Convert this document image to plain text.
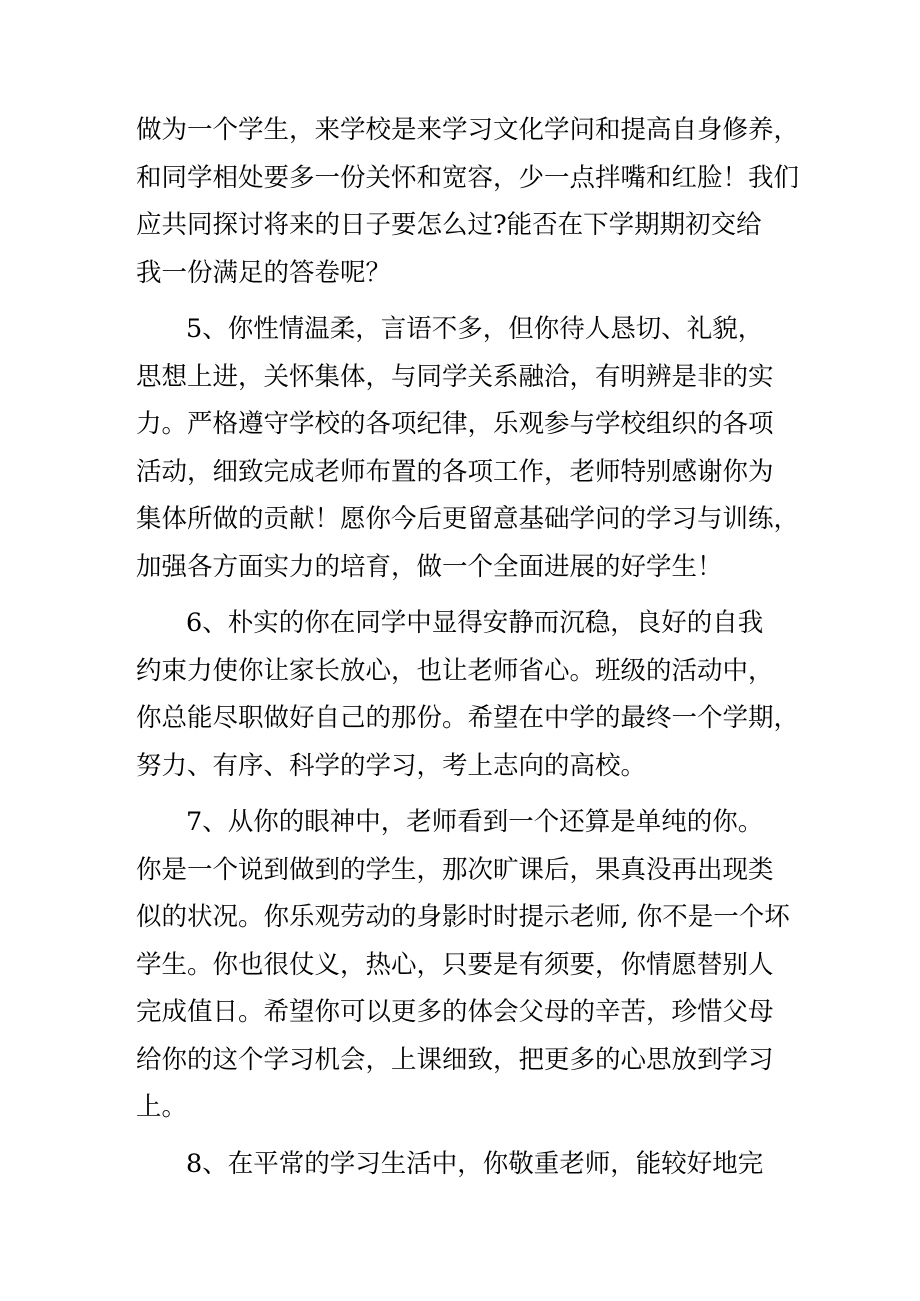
做为一个学生，来学校是来学习文化学问和提高自身修养，
和同学相处要多一份关怀和宽容，少一点拌嘴和红脸！我们
应共同探讨将来的日子要怎么过?能否在下学期期初交给
我一份满足的答卷呢？
5、你性情温柔，言语不多，但你待人恳切、礼貌，
思想上进，关怀集体，与同学关系融洽，有明辨是非的实
力。严格遵守学校的各项纪律，乐观参与学校组织的各项
活动，细致完成老师布置的各项工作，老师特别感谢你为
集体所做的贡献！愿你今后更留意基础学问的学习与训练，
加强各方面实力的培育，做一个全面进展的好学生！
6、朴实的你在同学中显得安静而沉稳，良好的自我
约束力使你让家长放心，也让老师省心。班级的活动中，
你总能尽职做好自己的那份。希望在中学的最终一个学期，
努力、有序、科学的学习，考上志向的高校。
7、从你的眼神中，老师看到一个还算是单纯的你。
你是一个说到做到的学生，那次旷课后，果真没再出现类
似的状况。你乐观劳动的身影时时提示老师, 你不是一个坏
学生。你也很仗义，热心，只要是有须要，你情愿替别人
完成值日。希望你可以更多的体会父母的辛苦，珍惜父母
给你的这个学习机会，上课细致，把更多的心思放到学习
上。
8、在平常的学习生活中，你敬重老师，能较好地完
